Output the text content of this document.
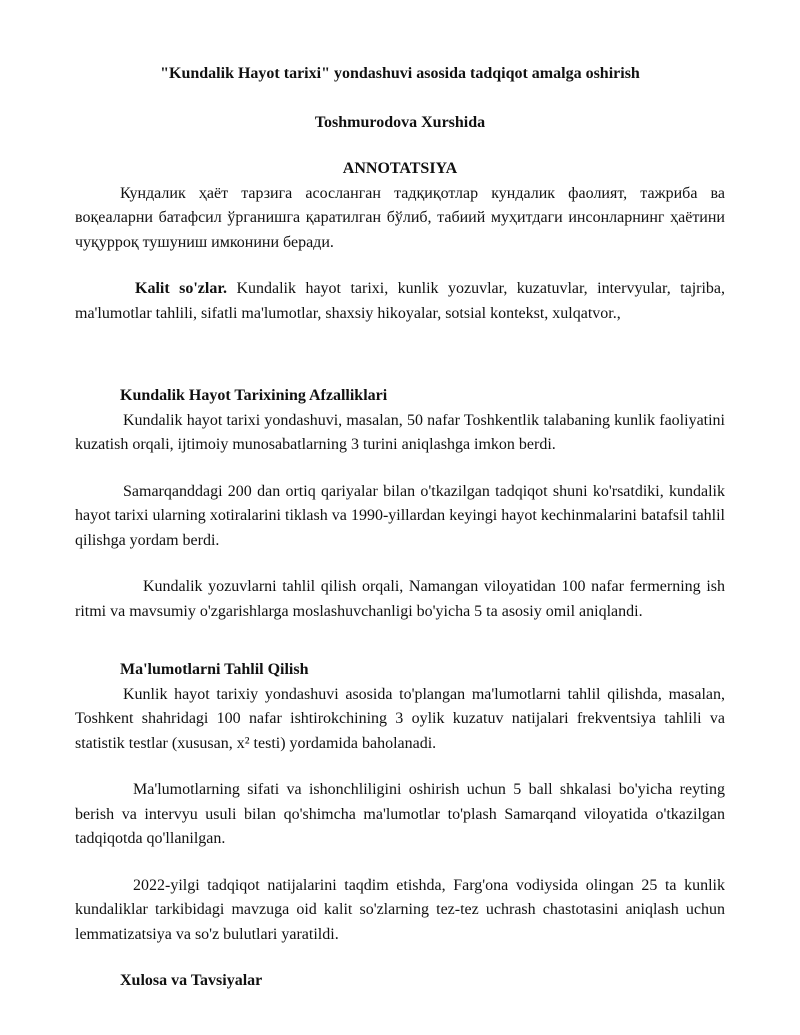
"Kundalik Hayot tarixi" yondashuvi asosida tadqiqot amalga oshirish

Toshmurodova Xurshida

ANNOTATSIYA

Кундалик ҳаёт тарзига асосланган тадқиқотлар кундалик фаолият, тажриба ва воқеаларни батафсил ўрганишга қаратилган бўлиб, табиий муҳитдаги инсонларнинг ҳаётини чуқурроқ тушуниш имконини беради.

Kalit so'zlar. Kundalik hayot tarixi, kunlik yozuvlar, kuzatuvlar, intervyular, tajriba, ma'lumotlar tahlili, sifatli ma'lumotlar, shaxsiy hikoyalar, sotsial kontekst, xulqatvor.,

Kundalik Hayot Tarixining Afzalliklari

Kundalik hayot tarixi yondashuvi, masalan, 50 nafar Toshkentlik talabaning kunlik faoliyatini kuzatish orqali, ijtimoiy munosabatlarning 3 turini aniqlashga imkon berdi.

Samarqanddagi 200 dan ortiq qariyalar bilan o'tkazilgan tadqiqot shuni ko'rsatdiki, kundalik hayot tarixi ularning xotiralarini tiklash va 1990-yillardan keyingi hayot kechinmalarini batafsil tahlil qilishga yordam berdi.

Kundalik yozuvlarni tahlil qilish orqali, Namangan viloyatidan 100 nafar fermerning ish ritmi va mavsumiy o'zgarishlarga moslashuvchanligi bo'yicha 5 ta asosiy omil aniqlandi.

Ma'lumotlarni Tahlil Qilish

Kunlik hayot tarixiy yondashuvi asosida to'plangan ma'lumotlarni tahlil qilishda, masalan, Toshkent shahridagi 100 nafar ishtirokchining 3 oylik kuzatuv natijalari frekventsiya tahlili va statistik testlar (xususan, x² testi) yordamida baholanadi.

Ma'lumotlarning sifati va ishonchliligini oshirish uchun 5 ball shkalasi bo'yicha reyting berish va intervyu usuli bilan qo'shimcha ma'lumotlar to'plash Samarqand viloyatida o'tkazilgan tadqiqotda qo'llanilgan.

2022-yilgi tadqiqot natijalarini taqdim etishda, Farg'ona vodiysida olingan 25 ta kunlik kundaliklar tarkibidagi mavzuga oid kalit so'zlarning tez-tez uchrash chastotasini aniqlash uchun lemmatizatsiya va so'z bulutlari yaratildi.

Xulosa va Tavsiyalar
